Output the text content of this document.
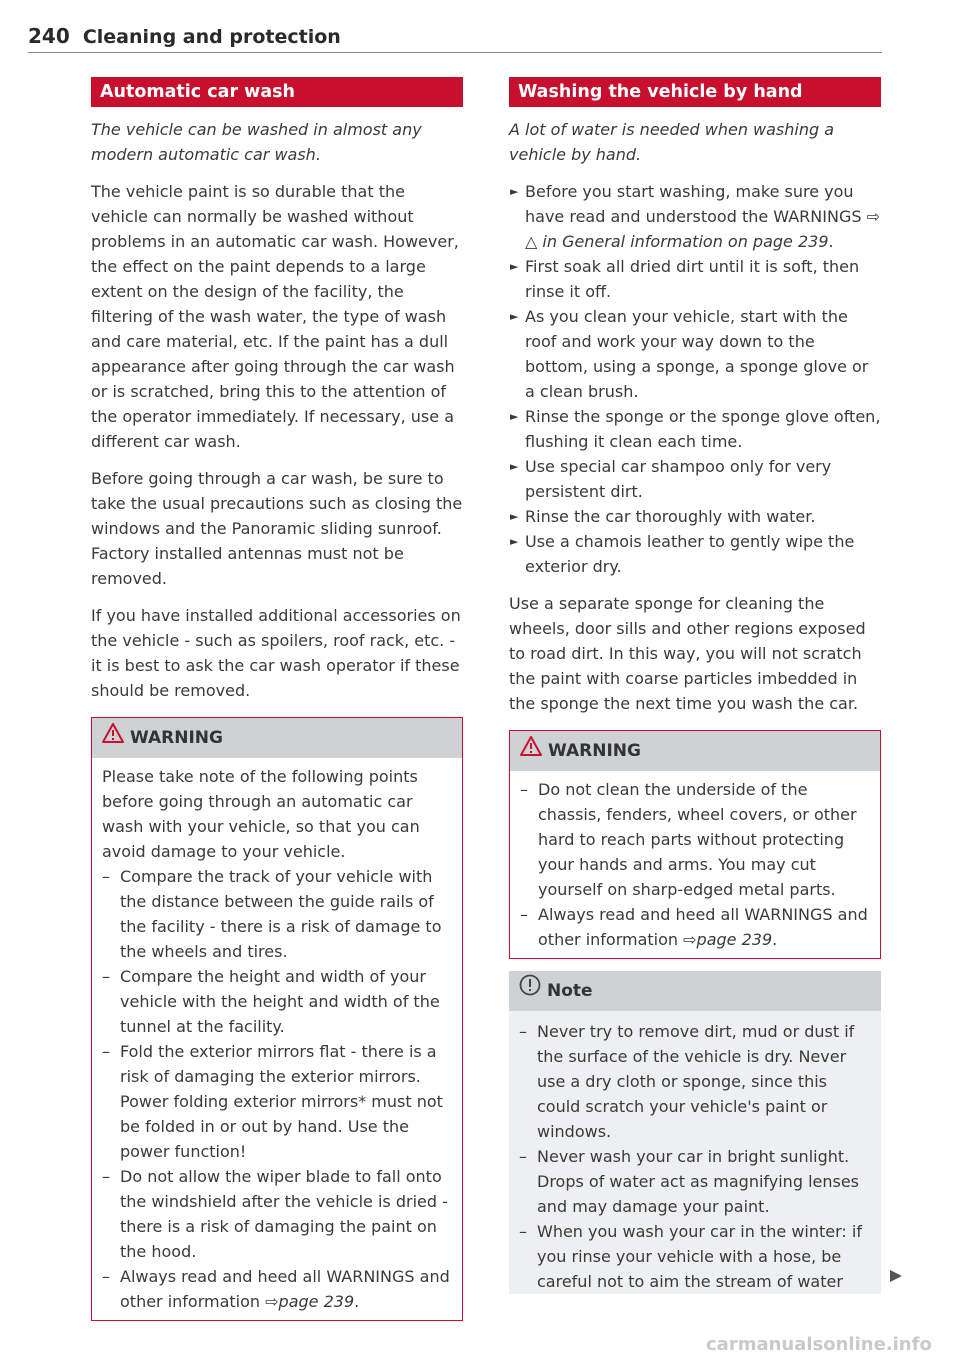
240 Cleaning and protection
Automatic car wash

The vehicle can be washed in almost any modern automatic car wash.

The vehicle paint is so durable that the vehicle can normally be washed without problems in an automatic car wash. However, the effect on the paint depends to a large extent on the design of the facility, the filtering of the wash water, the type of wash and care material, etc. If the paint has a dull appearance after going through the car wash or is scratched, bring this to the attention of the operator immediately. If necessary, use a different car wash.

Before going through a car wash, be sure to take the usual precautions such as closing the windows and the Panoramic sliding sunroof. Factory installed antennas must not be removed.

If you have installed additional accessories on the vehicle - such as spoilers, roof rack, etc. - it is best to ask the car wash operator if these should be removed.

WARNING

Please take note of the following points before going through an automatic car wash with your vehicle, so that you can avoid damage to your vehicle.

– Compare the track of your vehicle with the distance between the guide rails of the facility - there is a risk of damage to the wheels and tires.
– Compare the height and width of your vehicle with the height and width of the tunnel at the facility.
– Fold the exterior mirrors flat - there is a risk of damaging the exterior mirrors. Power folding exterior mirrors* must not be folded in or out by hand. Use the power function!
– Do not allow the wiper blade to fall onto the windshield after the vehicle is dried - there is a risk of damaging the paint on the hood.
– Always read and heed all WARNINGS and other information ⇨page 239.
Washing the vehicle by hand

A lot of water is needed when washing a vehicle by hand.

► Before you start washing, make sure you have read and understood the WARNINGS ⇨ △ in General information on page 239.
► First soak all dried dirt until it is soft, then rinse it off.
► As you clean your vehicle, start with the roof and work your way down to the bottom, using a sponge, a sponge glove or a clean brush.
► Rinse the sponge or the sponge glove often, flushing it clean each time.
► Use special car shampoo only for very persistent dirt.
► Rinse the car thoroughly with water.
► Use a chamois leather to gently wipe the exterior dry.

Use a separate sponge for cleaning the wheels, door sills and other regions exposed to road dirt. In this way, you will not scratch the paint with coarse particles imbedded in the sponge the next time you wash the car.

WARNING
– Do not clean the underside of the chassis, fenders, wheel covers, or other hard to reach parts without protecting your hands and arms. You may cut yourself on sharp-edged metal parts.
– Always read and heed all WARNINGS and other information ⇨page 239.
Note
– Never try to remove dirt, mud or dust if the surface of the vehicle is dry. Never use a dry cloth or sponge, since this could scratch your vehicle's paint or windows.
– Never wash your car in bright sunlight. Drops of water act as magnifying lenses and may damage your paint.
– When you wash your car in the winter: if you rinse your vehicle with a hose, be careful not to aim the stream of water
carmanualsonline.info
